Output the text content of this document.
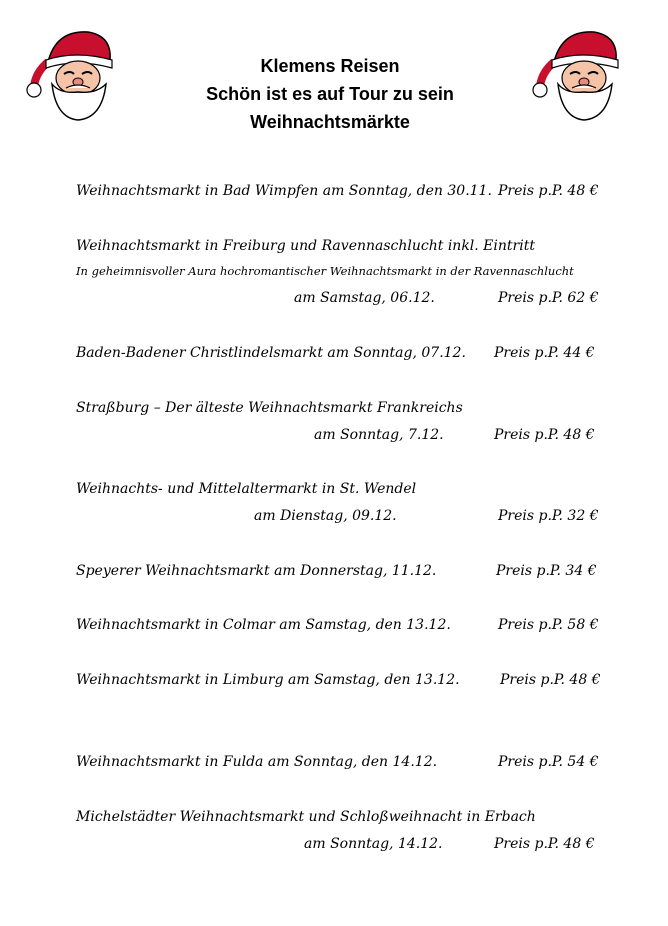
Klemens Reisen
Schön ist es auf Tour zu sein
Weihnachtsmärkte
Weihnachtsmarkt in Bad Wimpfen am Sonntag, den 30.11. Preis p.P. 48 €
Weihnachtsmarkt in Freiburg und Ravennaschlucht inkl. Eintritt
In geheimnisvoller Aura hochromantischer Weihnachtsmarkt in der Ravennaschlucht
am Samstag, 06.12.	Preis p.P. 62 €
Baden-Badener Christlindelsmarkt am Sonntag, 07.12. Preis p.P. 44 €
Straßburg – Der älteste Weihnachtsmarkt Frankreichs
am Sonntag, 7.12.	Preis p.P. 48 €
Weihnachts- und Mittelaltermarkt in St. Wendel
am Dienstag, 09.12.	Preis p.P. 32 €
Speyerer Weihnachtsmarkt am Donnerstag, 11.12.	Preis p.P. 34 €
Weihnachtsmarkt in Colmar am Samstag, den 13.12.	Preis p.P. 58 €
Weihnachtsmarkt in Limburg am Samstag, den 13.12.	Preis p.P. 48 €
Weihnachtsmarkt in Fulda am Sonntag, den 14.12.	Preis p.P. 54 €
Michelstädter Weihnachtsmarkt und Schloßweihnacht in Erbach
am Sonntag, 14.12.	Preis p.P. 48 €
